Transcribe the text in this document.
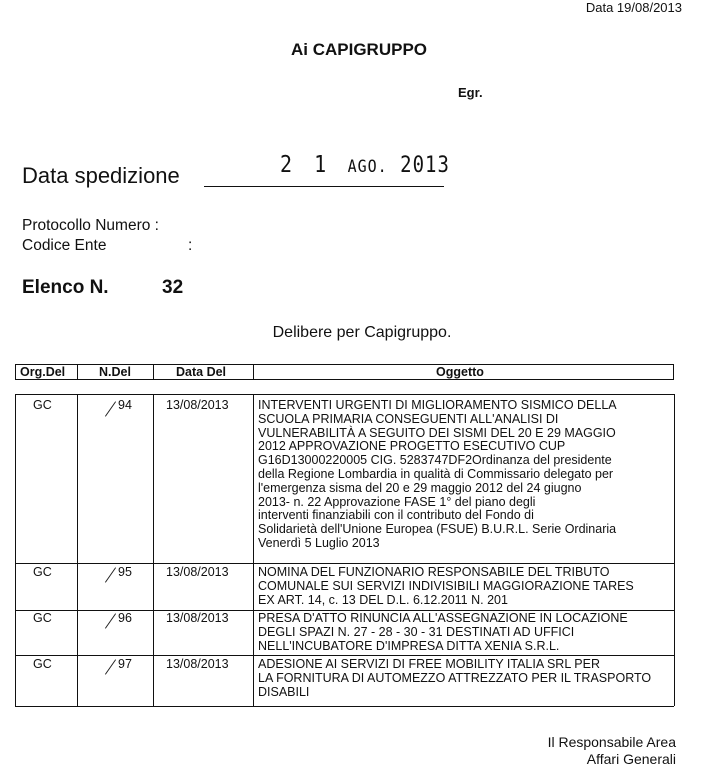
Data 19/08/2013
Ai CAPIGRUPPO
Egr.
Data spedizione	2 1 AGO. 2013
Protocollo Numero :
Codice Ente	:
Elenco N.	32
Delibere per Capigruppo.
Org.Del	N.Del	Data Del	Oggetto
GC	94	13/08/2013 INTERVENTI URGENTI DI MIGLIORAMENTO SISMICO DELLA
SCUOLA PRIMARIA CONSEGUENTI ALL'ANALISI DI
VULNERABILITÀ A SEGUITO DEI SISMI DEL 20 E 29 MAGGIO
2012 APPROVAZIONE PROGETTO ESECUTIVO CUP
G16D13000220005 CIG. 5283747DF2Ordinanza del presidente
della Regione Lombardia in qualità di Commissario delegato per
l'emergenza sisma del 20 e 29 maggio 2012 del 24 giugno
2013- n. 22 Approvazione FASE 1° del piano degli
interventi finanziabili con il contributo del Fondo di
Solidarietà dell'Unione Europea (FSUE) B.U.R.L. Serie Ordinaria
Venerdì 5 Luglio 2013
GC	95	13/08/2013 NOMINA DEL FUNZIONARIO RESPONSABILE DEL TRIBUTO
COMUNALE SUI SERVIZI INDIVISIBILI MAGGIORAZIONE TARES
EX ART. 14, c. 13 DEL D.L. 6.12.2011 N. 201
GC	96	13/08/2013 PRESA D'ATTO RINUNCIA ALL'ASSEGNAZIONE IN LOCAZIONE
DEGLI SPAZI N. 27 - 28 - 30 - 31 DESTINATI AD UFFICI
NELL'INCUBATORE D'IMPRESA DITTA XENIA S.R.L.
GC	97	13/08/2013 ADESIONE AI SERVIZI DI FREE MOBILITY ITALIA SRL PER
LA FORNITURA DI AUTOMEZZO ATTREZZATO PER IL TRASPORTO
DISABILI
Il Responsabile Area
Affari Generali
